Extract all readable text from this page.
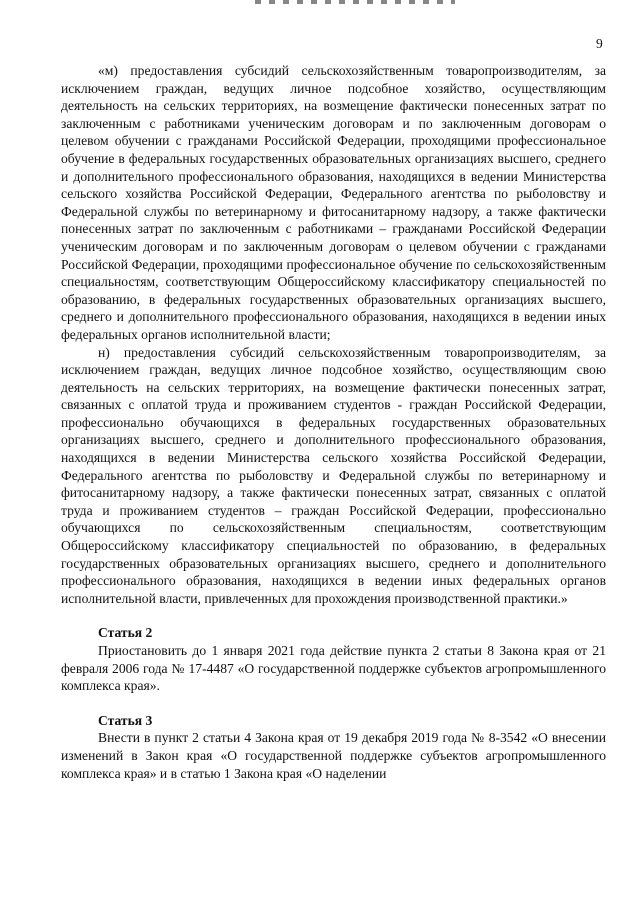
9

«м) предоставления субсидий сельскохозяйственным товаропроизводителям, за исключением граждан, ведущих личное подсобное хозяйство, осуществляющим деятельность на сельских территориях, на возмещение фактически понесенных затрат по заключенным с работниками ученическим договорам и по заключенным договорам о целевом обучении с гражданами Российской Федерации, проходящими профессиональное обучение в федеральных государственных образовательных организациях высшего, среднего и дополнительного профессионального образования, находящихся в ведении Министерства сельского хозяйства Российской Федерации, Федерального агентства по рыболовству и Федеральной службы по ветеринарному и фитосанитарному надзору, а также фактически понесенных затрат по заключенным с работниками – гражданами Российской Федерации ученическим договорам и по заключенным договорам о целевом обучении с гражданами Российской Федерации, проходящими профессиональное обучение по сельскохозяйственным специальностям, соответствующим Общероссийскому классификатору специальностей по образованию, в федеральных государственных образовательных организациях высшего, среднего и дополнительного профессионального образования, находящихся в ведении иных федеральных органов исполнительной власти;

н) предоставления субсидий сельскохозяйственным товаропроизводителям, за исключением граждан, ведущих личное подсобное хозяйство, осуществляющим свою деятельность на сельских территориях, на возмещение фактически понесенных затрат, связанных с оплатой труда и проживанием студентов - граждан Российской Федерации, профессионально обучающихся в федеральных государственных образовательных организациях высшего, среднего и дополнительного профессионального образования, находящихся в ведении Министерства сельского хозяйства Российской Федерации, Федерального агентства по рыболовству и Федеральной службы по ветеринарному и фитосанитарному надзору, а также фактически понесенных затрат, связанных с оплатой труда и проживанием студентов – граждан Российской Федерации, профессионально обучающихся по сельскохозяйственным специальностям, соответствующим Общероссийскому классификатору специальностей по образованию, в федеральных государственных образовательных организациях высшего, среднего и дополнительного профессионального образования, находящихся в ведении иных федеральных органов исполнительной власти, привлеченных для прохождения производственной практики.»

Статья 2

Приостановить до 1 января 2021 года действие пункта 2 статьи 8 Закона края от 21 февраля 2006 года № 17-4487 «О государственной поддержке субъектов агропромышленного комплекса края».

Статья 3

Внести в пункт 2 статьи 4 Закона края от 19 декабря 2019 года № 8-3542 «О внесении изменений в Закон края «О государственной поддержке субъектов агропромышленного комплекса края» и в статью 1 Закона края «О наделении
